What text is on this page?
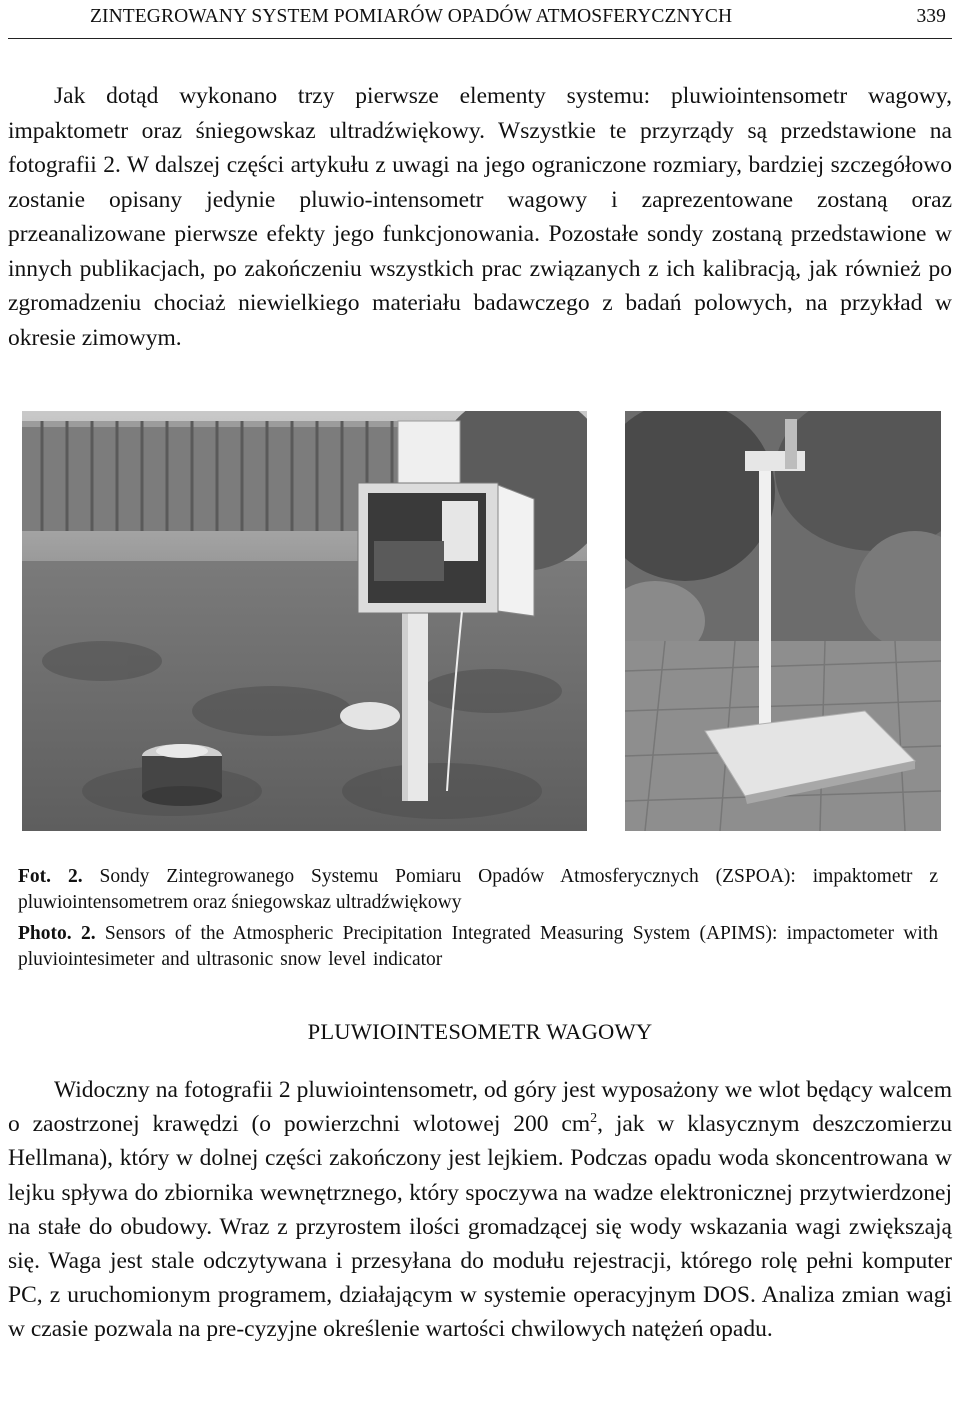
ZINTEGROWANY SYSTEM POMIARÓW OPADÓW ATMOSFERYCZNYCH	339

Jak dotąd wykonano trzy pierwsze elementy systemu: pluwiointensometr wagowy, impaktometr oraz śniegowskaz ultradźwiękowy. Wszystkie te przyrządy są przedstawione na fotografii 2. W dalszej części artykułu z uwagi na jego ograniczone rozmiary, bardziej szczegółowo zostanie opisany jedynie pluwio-intensometr wagowy i zaprezentowane zostaną oraz przeanalizowane pierwsze efekty jego funkcjonowania. Pozostałe sondy zostaną przedstawione w innych publikacjach, po zakończeniu wszystkich prac związanych z ich kalibracją, jak również po zgromadzeniu chociaż niewielkiego materiału badawczego z badań polowych, na przykład w okresie zimowym.

Fot. 2. Sondy Zintegrowanego Systemu Pomiaru Opadów Atmosferycznych (ZSPOA): impaktometr z pluwiointensometrem oraz śniegowskaz ultradźwiękowy

Photo. 2. Sensors of the Atmospheric Precipitation Integrated Measuring System (APIMS): impactometer with pluviointesimeter and ultrasonic snow level indicator

PLUWIOINTESOMETR WAGOWY

Widoczny na fotografii 2 pluwiointensometr, od góry jest wyposażony we wlot będący walcem o zaostrzonej krawędzi (o powierzchni wlotowej 200 $cm^2$, jak w klasycznym deszczomierzu Hellmana), który w dolnej części zakończony jest lejkiem. Podczas opadu woda skoncentrowana w lejku spływa do zbiornika wewnętrznego, który spoczywa na wadze elektronicznej przytwierdzonej na stałe do obudowy. Wraz z przyrostem ilości gromadzącej się wody wskazania wagi zwiększają się. Waga jest stale odczytywana i przesyłana do modułu rejestracji, którego rolę pełni komputer PC, z uruchomionym programem, działającym w systemie operacyjnym DOS. Analiza zmian wagi w czasie pozwala na pre-cyzyjne określenie wartości chwilowych natężeń opadu.
